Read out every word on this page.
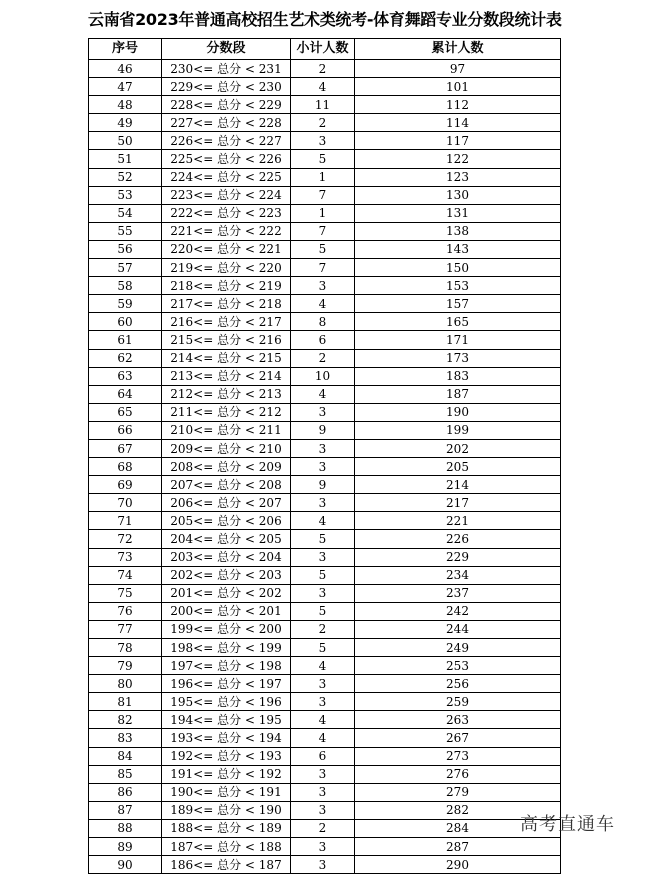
云南省2023年普通高校招生艺术类统考-体育舞蹈专业分数段统计表
序号	分数段	小计人数	累计人数
46	230<= 总分 < 231	2	97
47	229<= 总分 < 230	4	101
48	228<= 总分 < 229	11	112
49	227<= 总分 < 228	2	114
50	226<= 总分 < 227	3	117
51	225<= 总分 < 226	5	122
52	224<= 总分 < 225	1	123
53	223<= 总分 < 224	7	130
54	222<= 总分 < 223	1	131
55	221<= 总分 < 222	7	138
56	220<= 总分 < 221	5	143
57	219<= 总分 < 220	7	150
58	218<= 总分 < 219	3	153
59	217<= 总分 < 218	4	157
60	216<= 总分 < 217	8	165
61	215<= 总分 < 216	6	171
62	214<= 总分 < 215	2	173
63	213<= 总分 < 214	10	183
64	212<= 总分 < 213	4	187
65	211<= 总分 < 212	3	190
66	210<= 总分 < 211	9	199
67	209<= 总分 < 210	3	202
68	208<= 总分 < 209	3	205
69	207<= 总分 < 208	9	214
70	206<= 总分 < 207	3	217
71	205<= 总分 < 206	4	221
72	204<= 总分 < 205	5	226
73	203<= 总分 < 204	3	229
74	202<= 总分 < 203	5	234
75	201<= 总分 < 202	3	237
76	200<= 总分 < 201	5	242
77	199<= 总分 < 200	2	244
78	198<= 总分 < 199	5	249
79	197<= 总分 < 198	4	253
80	196<= 总分 < 197	3	256
81	195<= 总分 < 196	3	259
82	194<= 总分 < 195	4	263
83	193<= 总分 < 194	4	267
84	192<= 总分 < 193	6	273
85	191<= 总分 < 192	3	276
86	190<= 总分 < 191	3	279
87	189<= 总分 < 190	3	282
88	188<= 总分 < 189	2	284
89	187<= 总分 < 188	3	287
90	186<= 总分 < 187	3	290
高考直通车
